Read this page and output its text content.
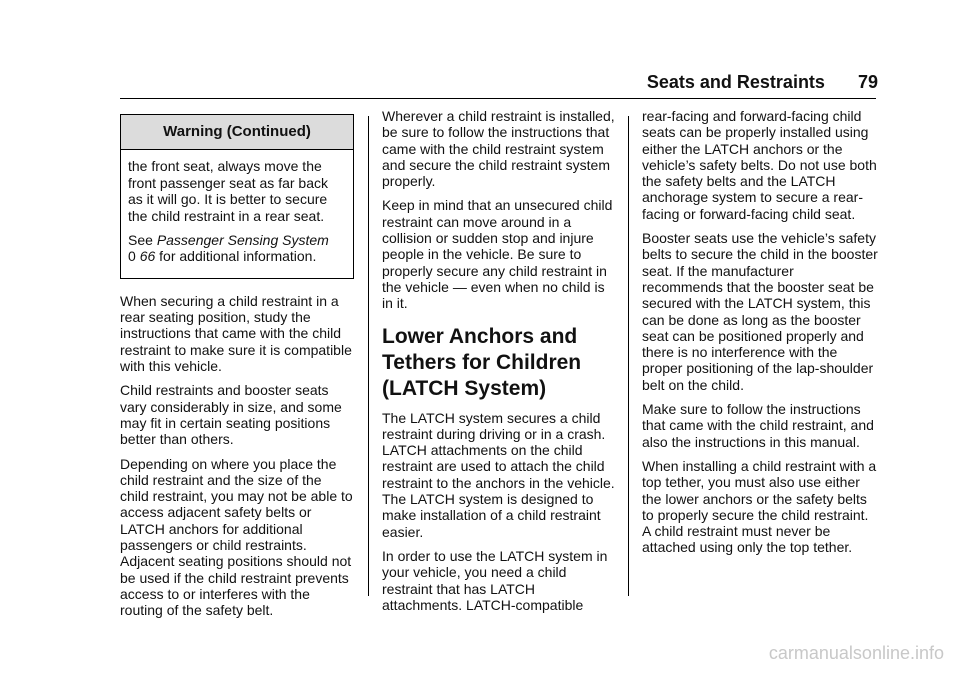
Seats and Restraints 79
Warning (Continued)

the front seat, always move the front passenger seat as far back as it will go. It is better to secure the child restraint in a rear seat.

See Passenger Sensing System
0 66 for additional information.

When securing a child restraint in a rear seating position, study the instructions that came with the child restraint to make sure it is compatible with this vehicle.

Child restraints and booster seats vary considerably in size, and some may fit in certain seating positions better than others.

Depending on where you place the child restraint and the size of the child restraint, you may not be able to access adjacent safety belts or LATCH anchors for additional passengers or child restraints. Adjacent seating positions should not be used if the child restraint prevents access to or interferes with the routing of the safety belt.

Wherever a child restraint is installed, be sure to follow the instructions that came with the child restraint system and secure the child restraint system properly.

Keep in mind that an unsecured child restraint can move around in a collision or sudden stop and injure people in the vehicle. Be sure to properly secure any child restraint in the vehicle — even when no child is in it.

Lower Anchors and Tethers for Children (LATCH System)

The LATCH system secures a child restraint during driving or in a crash. LATCH attachments on the child restraint are used to attach the child restraint to the anchors in the vehicle. The LATCH system is designed to make installation of a child restraint easier.

In order to use the LATCH system in your vehicle, you need a child restraint that has LATCH attachments. LATCH-compatible

rear-facing and forward-facing child seats can be properly installed using either the LATCH anchors or the vehicle’s safety belts. Do not use both the safety belts and the LATCH anchorage system to secure a rear-facing or forward-facing child seat.

Booster seats use the vehicle’s safety belts to secure the child in the booster seat. If the manufacturer recommends that the booster seat be secured with the LATCH system, this can be done as long as the booster seat can be positioned properly and there is no interference with the proper positioning of the lap-shoulder belt on the child.

Make sure to follow the instructions that came with the child restraint, and also the instructions in this manual.

When installing a child restraint with a top tether, you must also use either the lower anchors or the safety belts to properly secure the child restraint. A child restraint must never be attached using only the top tether.

carmanualsonline.info
